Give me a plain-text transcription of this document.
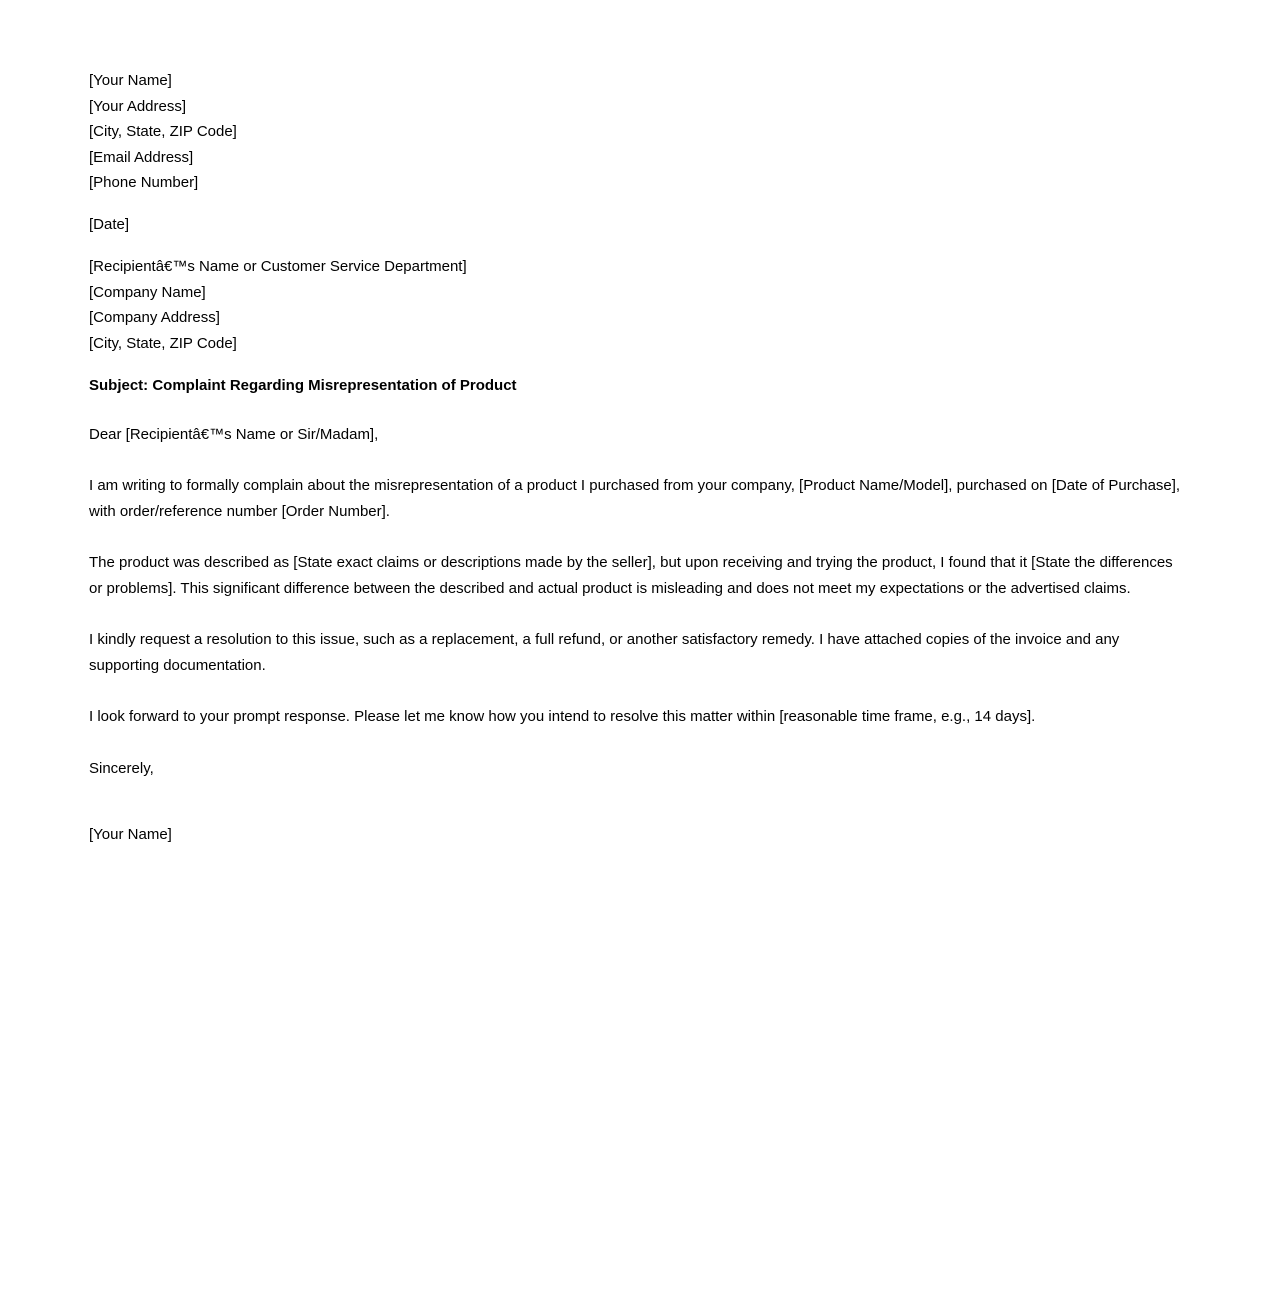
[Your Name]
[Your Address]
[City, State, ZIP Code]
[Email Address]
[Phone Number]
[Date]
[Recipientâ€™s Name or Customer Service Department]
[Company Name]
[Company Address]
[City, State, ZIP Code]
Subject: Complaint Regarding Misrepresentation of Product
Dear [Recipientâ€™s Name or Sir/Madam],
I am writing to formally complain about the misrepresentation of a product I purchased from your company, [Product Name/Model], purchased on [Date of Purchase], with order/reference number [Order Number].
The product was described as [State exact claims or descriptions made by the seller], but upon receiving and trying the product, I found that it [State the differences or problems]. This significant difference between the described and actual product is misleading and does not meet my expectations or the advertised claims.
I kindly request a resolution to this issue, such as a replacement, a full refund, or another satisfactory remedy. I have attached copies of the invoice and any supporting documentation.
I look forward to your prompt response. Please let me know how you intend to resolve this matter within [reasonable time frame, e.g., 14 days].
Sincerely,
[Your Name]
